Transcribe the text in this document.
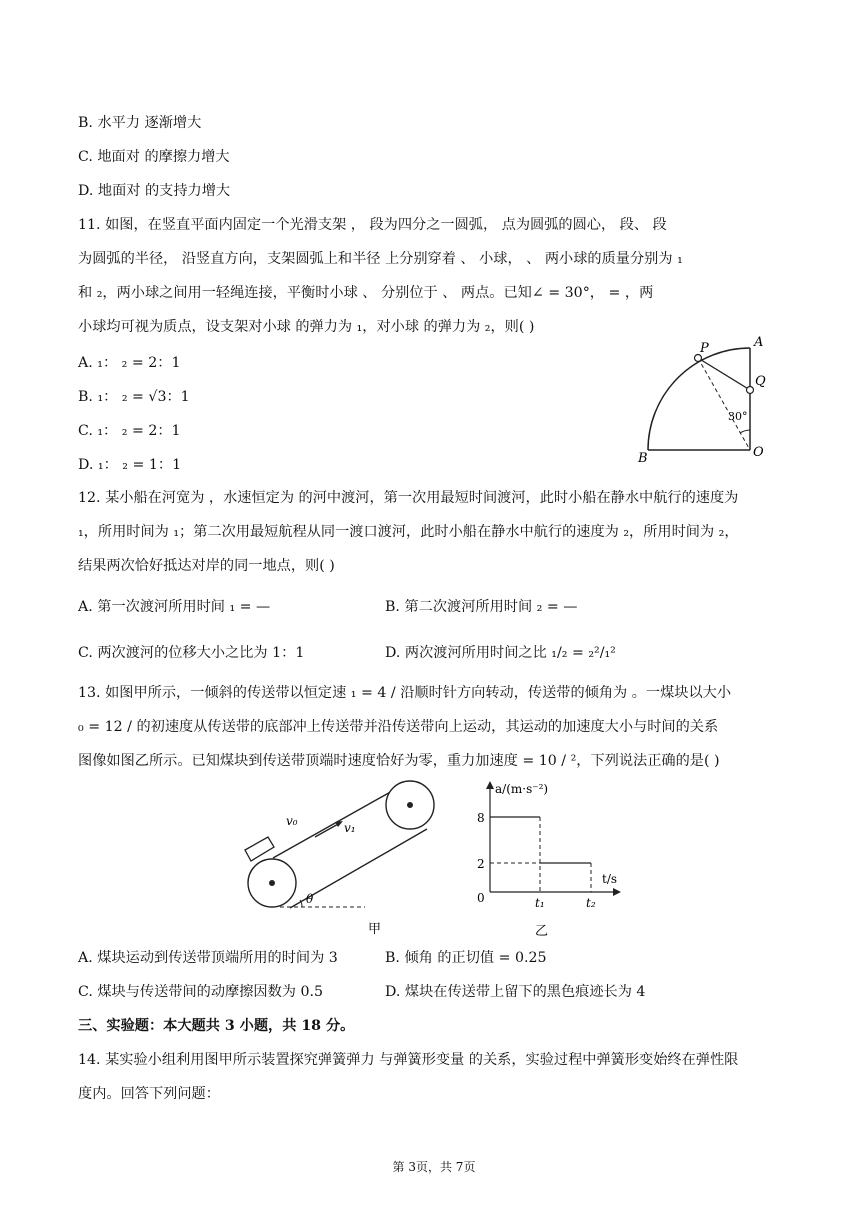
B. 水平力 逐渐增大
C. 地面对 的摩擦力增大
D. 地面对 的支持力增大
11. 如图，在竖直平面内固定一个光滑支架 ， 段为四分之一圆弧， 点为圆弧的圆心， 段、 段
为圆弧的半径， 沿竖直方向，支架圆弧上和半径 上分别穿着 、 小球， 、 两小球的质量分别为 ₁
和 ₂，两小球之间用一轻绳连接，平衡时小球 、 分别位于 、 两点。已知∠ = 30°， = ，两
小球均可视为质点，设支架对小球 的弹力为 ₁，对小球 的弹力为 ₂，则( )
A. ₁： ₂ = 2：1
B. ₁： ₂ = √3：1
C. ₁： ₂ = 2：1
D. ₁： ₂ = 1：1
P	A
Q
B	O
30°
12. 某小船在河宽为 ，水速恒定为 的河中渡河，第一次用最短时间渡河，此时小船在静水中航行的速度为
₁，所用时间为 ₁；第二次用最短航程从同一渡口渡河，此时小船在静水中航行的速度为 ₂，所用时间为 ₂，
结果两次恰好抵达对岸的同一地点，则( )
A. 第一次渡河所用时间 ₁ = —	B. 第二次渡河所用时间 ₂ = —
C. 两次渡河的位移大小之比为 1：1	D. 两次渡河所用时间之比 ₁/₂ = ₂²/₁²
13. 如图甲所示，一倾斜的传送带以恒定速 ₁ = 4 / 沿顺时针方向转动，传送带的倾角为 。一煤块以大小
₀ = 12 / 的初速度从传送带的底部冲上传送带并沿传送带向上运动，其运动的加速度大小与时间的关系
图像如图乙所示。已知煤块到传送带顶端时速度恰好为零，重力加速度 = 10 / ²，下列说法正确的是( )
v₀	v₁
θ
甲
a/(m·s⁻²)
t/s
8
2
0	t₁	t₂
乙
A. 煤块运动到传送带顶端所用的时间为 3	B. 倾角 的正切值 = 0.25
C. 煤块与传送带间的动摩擦因数为 0.5	D. 煤块在传送带上留下的黑色痕迹长为 4
三、实验题：本大题共 3 小题，共 18 分。
14. 某实验小组利用图甲所示装置探究弹簧弹力 与弹簧形变量 的关系，实验过程中弹簧形变始终在弹性限
度内。回答下列问题：
第 3页，共 7页
